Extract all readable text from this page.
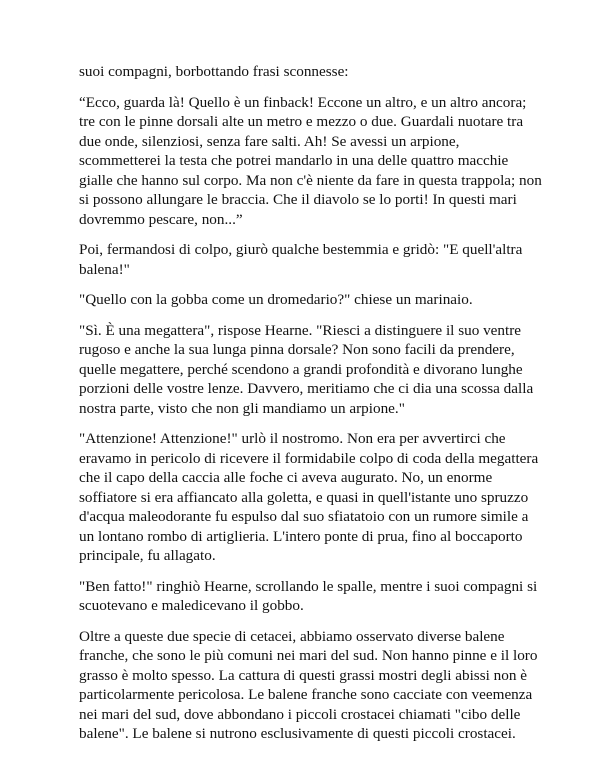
suoi compagni, borbottando frasi sconnesse:

“Ecco, guarda là! Quello è un finback! Eccone un altro, e un altro ancora;
tre con le pinne dorsali alte un metro e mezzo o due. Guardali nuotare tra
due onde, silenziosi, senza fare salti. Ah! Se avessi un arpione,
scommetterei la testa che potrei mandarlo in una delle quattro macchie
gialle che hanno sul corpo. Ma non c'è niente da fare in questa trappola; non
si possono allungare le braccia. Che il diavolo se lo porti! In questi mari
dovremmo pescare, non...”

Poi, fermandosi di colpo, giurò qualche bestemmia e gridò: "E quell'altra
balena!"

"Quello con la gobba come un dromedario?" chiese un marinaio.

"Sì. È una megattera", rispose Hearne. "Riesci a distinguere il suo ventre
rugoso e anche la sua lunga pinna dorsale? Non sono facili da prendere,
quelle megattere, perché scendono a grandi profondità e divorano lunghe
porzioni delle vostre lenze. Davvero, meritiamo che ci dia una scossa dalla
nostra parte, visto che non gli mandiamo un arpione."

"Attenzione! Attenzione!" urlò il nostromo. Non era per avvertirci che
eravamo in pericolo di ricevere il formidabile colpo di coda della megattera
che il capo della caccia alle foche ci aveva augurato. No, un enorme
soffiatore si era affiancato alla goletta, e quasi in quell'istante uno spruzzo
d'acqua maleodorante fu espulso dal suo sfiatatoio con un rumore simile a
un lontano rombo di artiglieria. L'intero ponte di prua, fino al boccaporto
principale, fu allagato.

"Ben fatto!" ringhiò Hearne, scrollando le spalle, mentre i suoi compagni si
scuotevano e maledicevano il gobbo.

Oltre a queste due specie di cetacei, abbiamo osservato diverse balene
franche, che sono le più comuni nei mari del sud. Non hanno pinne e il loro
grasso è molto spesso. La cattura di questi grassi mostri degli abissi non è
particolarmente pericolosa. Le balene franche sono cacciate con veemenza
nei mari del sud, dove abbondano i piccoli crostacei chiamati "cibo delle
balene". Le balene si nutrono esclusivamente di questi piccoli crostacei.
